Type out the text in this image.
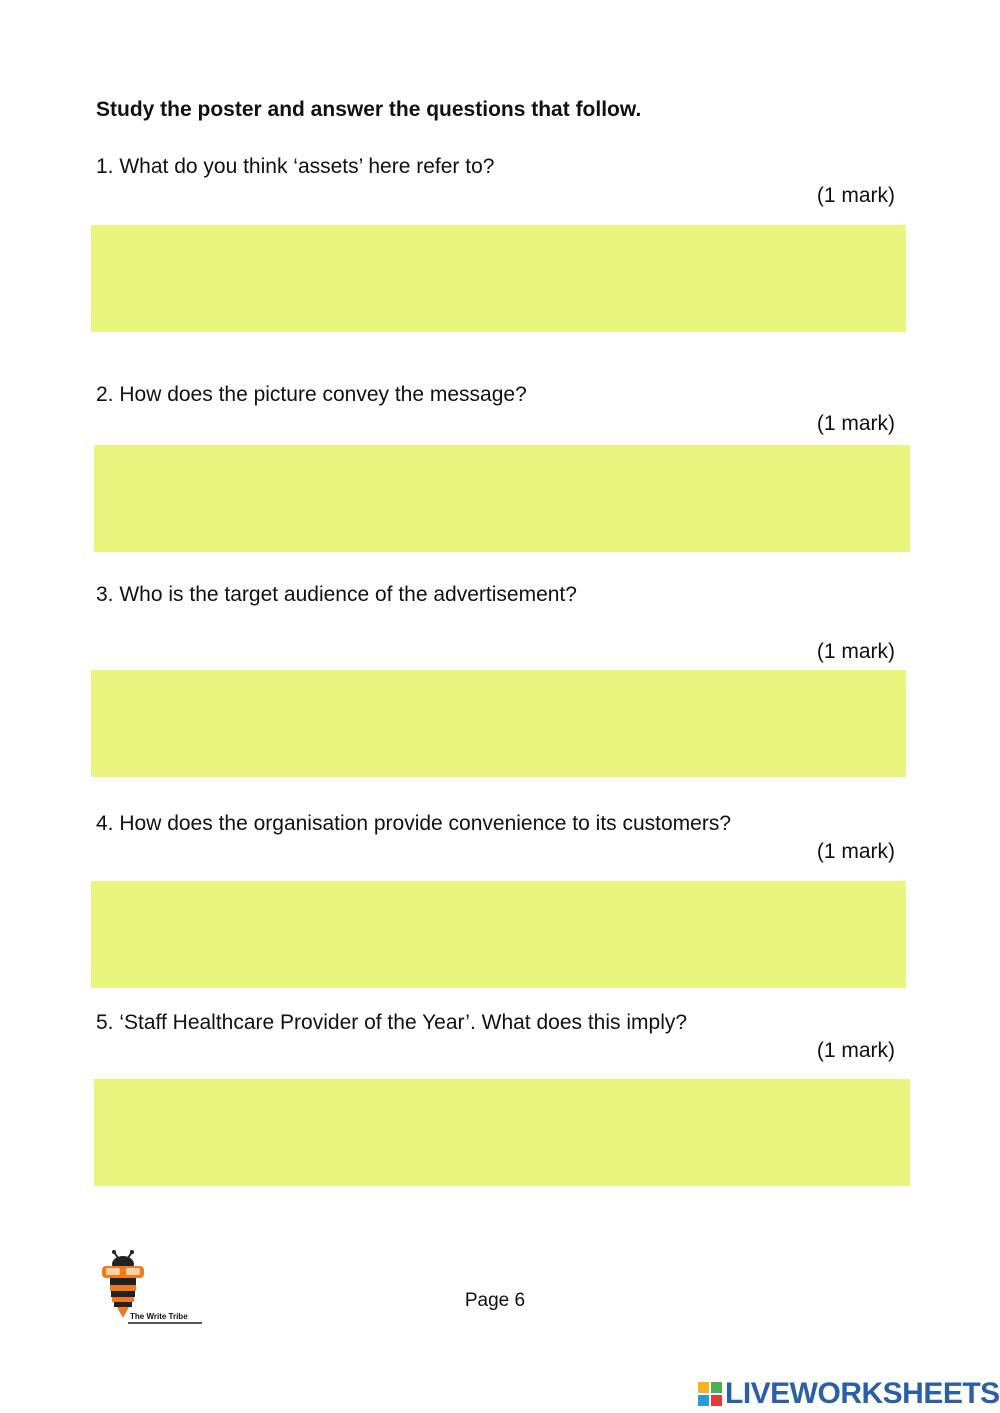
Study the poster and answer the questions that follow.
1. What do you think ‘assets’ here refer to?
(1 mark)
2. How does the picture convey the message?
(1 mark)
3. Who is the target audience of the advertisement?
(1 mark)
4. How does the organisation provide convenience to its customers?
(1 mark)
5. ‘Staff Healthcare Provider of the Year’. What does this imply?
(1 mark)
The Write Tribe
Page 6
LIVEWORKSHEETS
